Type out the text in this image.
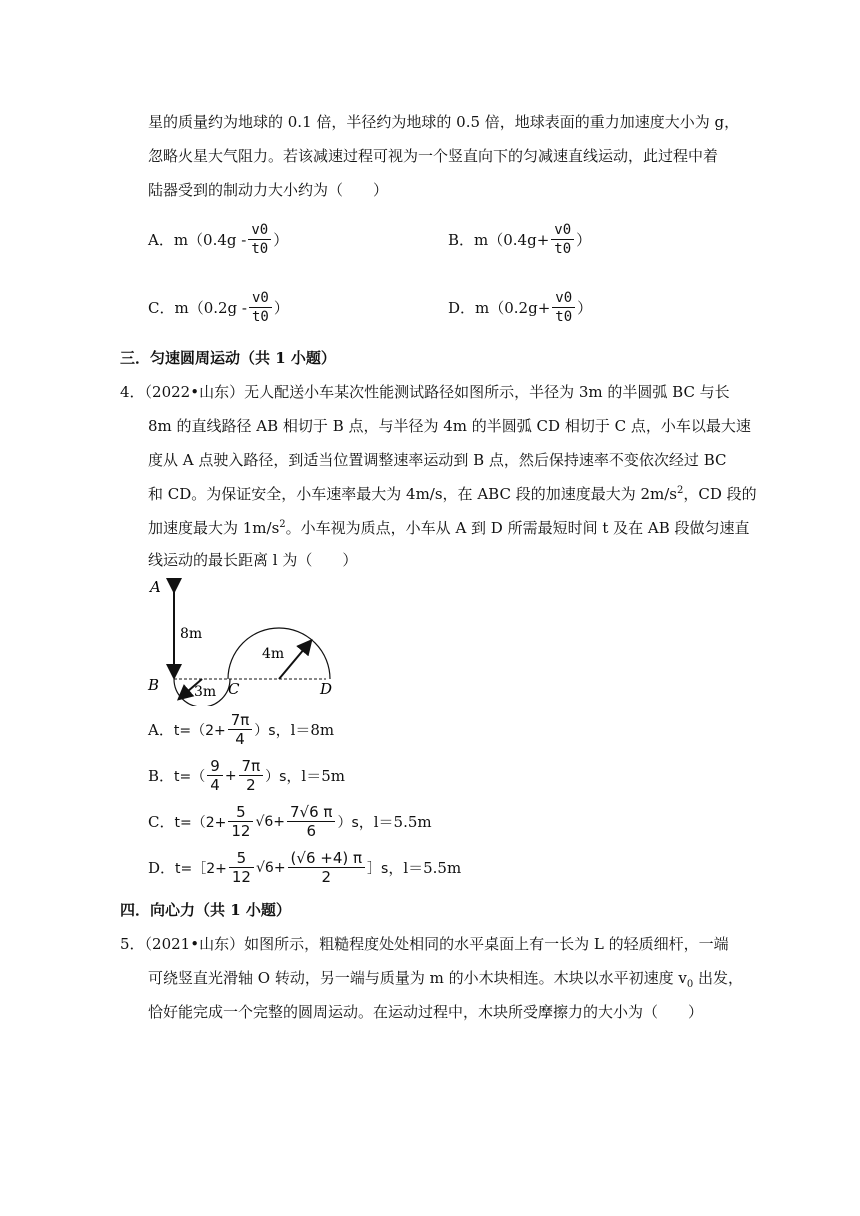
星的质量约为地球的 0.1 倍，半径约为地球的 0.5 倍，地球表面的重力加速度大小为 g，
忽略火星大气阻力。若该减速过程可视为一个竖直向下的匀减速直线运动，此过程中着
陆器受到的制动力大小约为（　　）
A．$m(0.4g - \frac{v0}{t0}$ ）	B．$m(0.4g+ \frac{v0}{t0}$ ）
C．$m(0.2g - \frac{v0}{t0}$ ）	D．$m(0.2g+ \frac{v0}{t0}$ ）
三．匀速圆周运动（共 1 小题）
4．（2022•山东）无人配送小车某次性能测试路径如图所示，半径为 3m 的半圆弧 BC 与长
8m 的直线路径 AB 相切于 B 点，与半径为 4m 的半圆弧 CD 相切于 C 点，小车以最大速
度从 A 点驶入路径，到适当位置调整速率运动到 B 点，然后保持速率不变依次经过 BC
和 CD。为保证安全，小车速率最大为 4m/s，在 ABC 段的加速度最大为 $2m/s^2$，CD 段的
加速度最大为 $1m/s^2$。小车视为质点，小车从 A 到 D 所需最短时间 t 及在 AB 段做匀速直
线运动的最长距离 l 为（　　）
A
B	C	D
8m
3m
4m
A． $t=(2+ \frac{7\pi}{4} )s$ ，l＝8m
B． $t=( \frac{9}{4} + \frac{7\pi}{2} )s$ ，l＝5m
C． $t=(2+ \frac{5}{12} √6 + \frac{7√6 \pi}{6} )s$ ，l＝5.5m
D． t=［2+ $\frac{5}{12} √6 + \frac{(√6 +4) \pi}{2}$ ］s ，l＝5.5m
四．向心力（共 1 小题）
5．（2021•山东）如图所示，粗糙程度处处相同的水平桌面上有一长为 L 的轻质细杆，一端
可绕竖直光滑轴 O 转动，另一端与质量为 m 的小木块相连。木块以水平初速度 $v_0$ 出发，
恰好能完成一个完整的圆周运动。在运动过程中，木块所受摩擦力的大小为（　　）
